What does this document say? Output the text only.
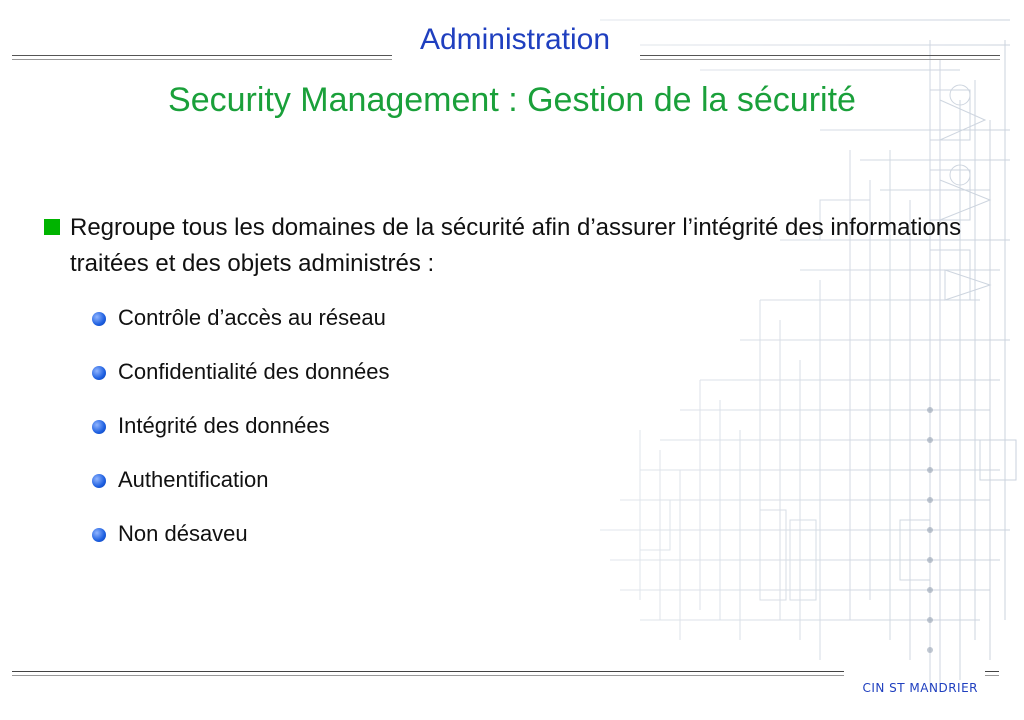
Administration
Security Management : Gestion de la sécurité
Regroupe tous les domaines de la sécurité afin d’assurer l’intégrité des informations traitées et des objets administrés :
Contrôle d’accès au réseau
Confidentialité des données
Intégrité des données
Authentification
Non désaveu
CIN ST MANDRIER
